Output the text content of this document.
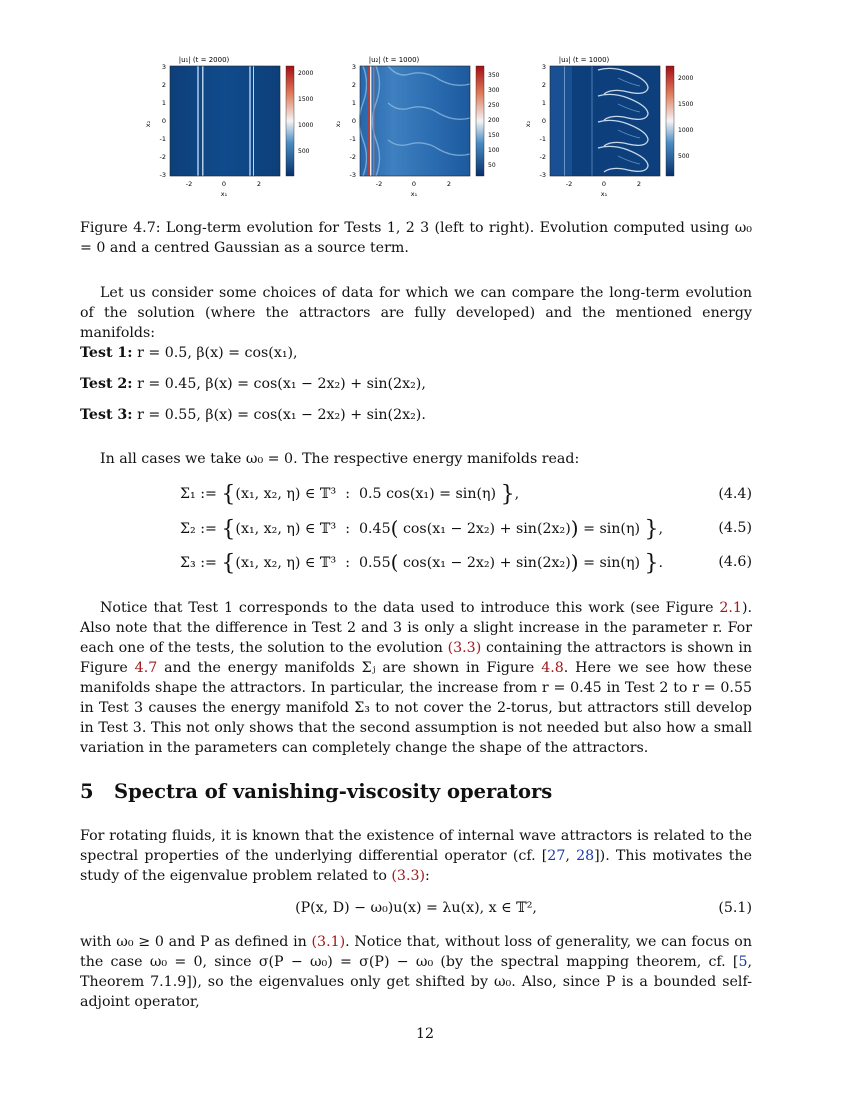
|u₁| (t = 2000)
3
2
1
0
-1
-2
-3
-2	0	2
x₁
x₂
2000
1500
1000
500
|u₂| (t = 1000)
3
2
1
0
-1
-2
-3
-2	0	2
x₁
x₂
350
300
250
200
150
100
50
|u₃| (t = 1000)
3
2
1
0
-1
-2
-3
-2	0	2
x₁
x₂
2000
1500
1000
500
Figure 4.7: Long-term evolution for Tests 1, 2 3 (left to right). Evolution computed using ω₀ = 0 and a centred Gaussian as a source term.
Let us consider some choices of data for which we can compare the long-term evolution of the solution (where the attractors are fully developed) and the mentioned energy manifolds:
Test 1: r = 0.5, β(x) = cos(x₁),
Test 2: r = 0.45, β(x) = cos(x₁ − 2x₂) + sin(2x₂),
Test 3: r = 0.55, β(x) = cos(x₁ − 2x₂) + sin(2x₂).
In all cases we take ω₀ = 0. The respective energy manifolds read:
Σ₁ := {(x₁, x₂, η) ∈ 𝕋³  :  0.5 cos(x₁) = sin(η) },	(4.4)
Σ₂ := {(x₁, x₂, η) ∈ 𝕋³  :  0.45( cos(x₁ − 2x₂) + sin(2x₂)) = sin(η) },	(4.5)
Σ₃ := {(x₁, x₂, η) ∈ 𝕋³  :  0.55( cos(x₁ − 2x₂) + sin(2x₂)) = sin(η) }.	(4.6)
Notice that Test 1 corresponds to the data used to introduce this work (see Figure 2.1). Also note that the difference in Test 2 and 3 is only a slight increase in the parameter r. For each one of the tests, the solution to the evolution (3.3) containing the attractors is shown in Figure 4.7 and the energy manifolds Σⱼ are shown in Figure 4.8. Here we see how these manifolds shape the attractors. In particular, the increase from r = 0.45 in Test 2 to r = 0.55 in Test 3 causes the energy manifold Σ₃ to not cover the 2-torus, but attractors still develop in Test 3. This not only shows that the second assumption is not needed but also how a small variation in the parameters can completely change the shape of the attractors.
5 Spectra of vanishing-viscosity operators
For rotating fluids, it is known that the existence of internal wave attractors is related to the spectral properties of the underlying differential operator (cf. [27, 28]). This motivates the study of the eigenvalue problem related to (3.3):
(P(x, D) − ω₀)u(x) = λu(x), x ∈ 𝕋²,	(5.1)
with ω₀ ≥ 0 and P as defined in (3.1). Notice that, without loss of generality, we can focus on the case ω₀ = 0, since σ(P − ω₀) = σ(P) − ω₀ (by the spectral mapping theorem, cf. [5, Theorem 7.1.9]), so the eigenvalues only get shifted by ω₀. Also, since P is a bounded self-adjoint operator,
12
